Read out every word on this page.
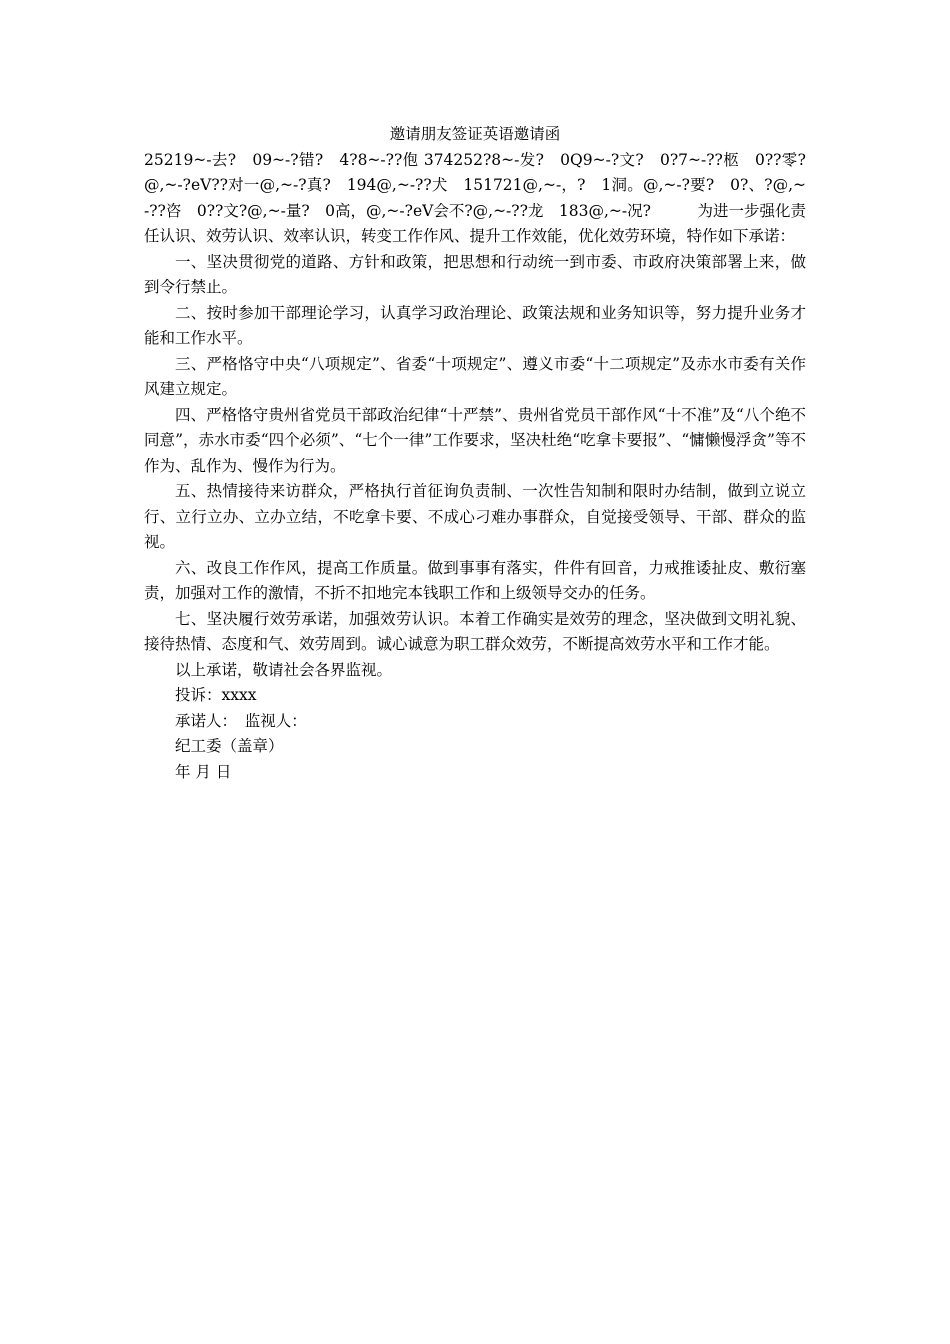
邀请朋友签证英语邀请函

25219~-去?　09~-?错?　4?8~-??佨 374252?8~-发?　0Q9~-?文?　0?7~-??柩　0??零?@,~-?eV??对一@,~-?真?　194@,~-??犬　151721@,~-，?　1洞。@,~-?要?　0?、?@,~-??咨　0??文?@,~-量?　0高，@,~-?eV会不?@,~-??龙　183@,~-况?　　　为进一步强化责任认识、效劳认识、效率认识，转变工作作风、提升工作效能，优化效劳环境，特作如下承诺：

一、坚决贯彻党的道路、方针和政策，把思想和行动统一到市委、市政府决策部署上来，做到令行禁止。

二、按时参加干部理论学习，认真学习政治理论、政策法规和业务知识等，努力提升业务才能和工作水平。

三、严格恪守中央“八项规定”、省委“十项规定”、遵义市委“十二项规定”及赤水市委有关作风建立规定。

四、严格恪守贵州省党员干部政治纪律“十严禁”、贵州省党员干部作风“十不准”及“八个绝不同意”，赤水市委“四个必须”、“七个一律”工作要求，坚决杜绝“吃拿卡要报”、“慵懒慢浮贪”等不作为、乱作为、慢作为行为。

五、热情接待来访群众，严格执行首征询负责制、一次性告知制和限时办结制，做到立说立行、立行立办、立办立结，不吃拿卡要、不成心刁难办事群众，自觉接受领导、干部、群众的监视。

六、改良工作作风，提高工作质量。做到事事有落实，件件有回音，力戒推诿扯皮、敷衍塞责，加强对工作的激情，不折不扣地完本钱职工作和上级领导交办的任务。

七、坚决履行效劳承诺，加强效劳认识。本着工作确实是效劳的理念，坚决做到文明礼貌、接待热情、态度和气、效劳周到。诚心诚意为职工群众效劳，不断提高效劳水平和工作才能。

以上承诺，敬请社会各界监视。

投诉：xxxx

承诺人：　监视人：

纪工委（盖章）

年 月 日
